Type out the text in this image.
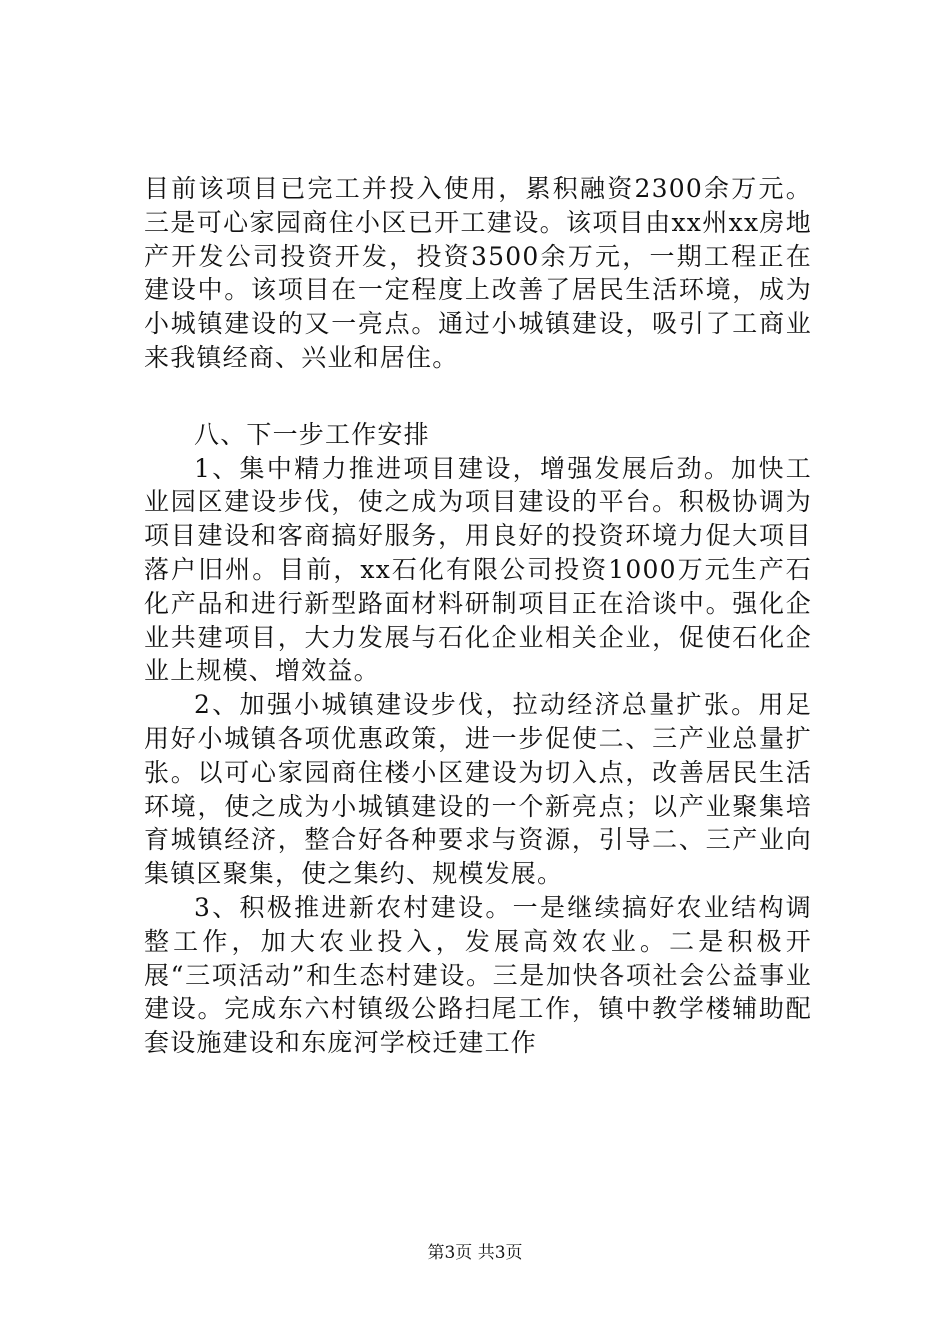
目前该项目已完工并投入使用，累积融资2300余万元。三是可心家园商住小区已开工建设。该项目由xx州xx房地产开发公司投资开发，投资3500余万元，一期工程正在建设中。该项目在一定程度上改善了居民生活环境，成为小城镇建设的又一亮点。通过小城镇建设，吸引了工商业来我镇经商、兴业和居住。

八、下一步工作安排

1、集中精力推进项目建设，增强发展后劲。加快工业园区建设步伐，使之成为项目建设的平台。积极协调为项目建设和客商搞好服务，用良好的投资环境力促大项目落户旧州。目前，xx石化有限公司投资1000万元生产石化产品和进行新型路面材料研制项目正在洽谈中。强化企业共建项目，大力发展与石化企业相关企业，促使石化企业上规模、增效益。

2、加强小城镇建设步伐，拉动经济总量扩张。用足用好小城镇各项优惠政策，进一步促使二、三产业总量扩张。以可心家园商住楼小区建设为切入点，改善居民生活环境，使之成为小城镇建设的一个新亮点；以产业聚集培育城镇经济，整合好各种要求与资源，引导二、三产业向集镇区聚集，使之集约、规模发展。

3、积极推进新农村建设。一是继续搞好农业结构调整工作，加大农业投入，发展高效农业。二是积极开展“三项活动”和生态村建设。三是加快各项社会公益事业建设。完成东六村镇级公路扫尾工作，镇中教学楼辅助配套设施建设和东庞河学校迁建工作

第3页 共3页
